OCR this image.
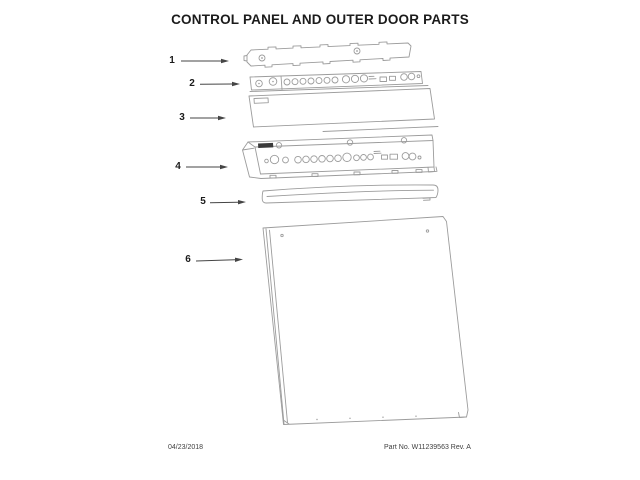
CONTROL PANEL AND OUTER DOOR PARTS
1
2
3
4
5
6
04/23/2018	Part No. W11239563 Rev. A
